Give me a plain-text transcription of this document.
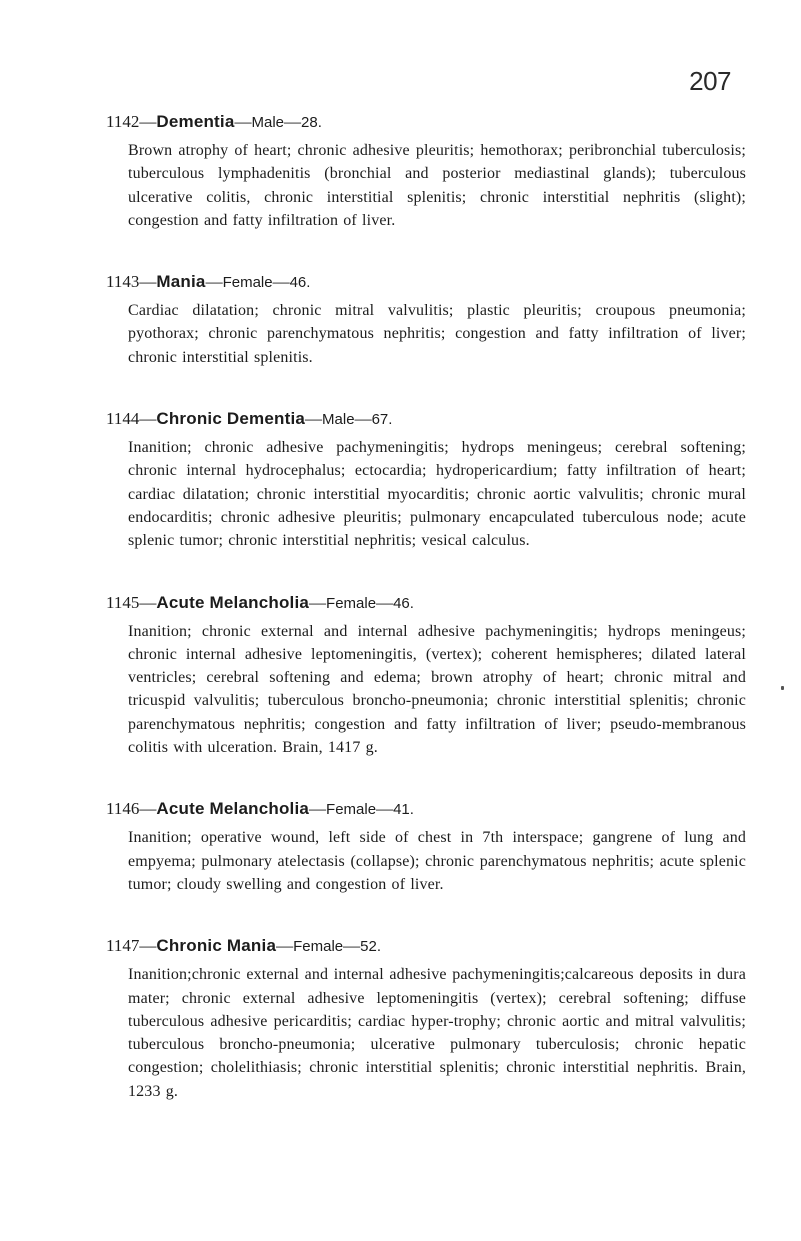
207
1142—Dementia—Male—28.
Brown atrophy of heart; chronic adhesive pleuritis; hemothorax; peribronchial tuberculosis; tuberculous lymphadenitis (bronchial and posterior mediastinal glands); tuberculous ulcerative colitis, chronic interstitial splenitis; chronic interstitial nephritis (slight); congestion and fatty infiltration of liver.
1143—Mania—Female—46.
Cardiac dilatation; chronic mitral valvulitis; plastic pleuritis; croupous pneumonia; pyothorax; chronic parenchymatous nephritis; congestion and fatty infiltration of liver; chronic interstitial splenitis.
1144—Chronic Dementia—Male—67.
Inanition; chronic adhesive pachymeningitis; hydrops meningeus; cerebral softening; chronic internal hydrocephalus; ectocardia; hydropericardium; fatty infiltration of heart; cardiac dilatation; chronic interstitial myocarditis; chronic aortic valvulitis; chronic mural endocarditis; chronic adhesive pleuritis; pulmonary encapculated tuberculous node; acute splenic tumor; chronic interstitial nephritis; vesical calculus.
1145—Acute Melancholia—Female—46.
Inanition; chronic external and internal adhesive pachymeningitis; hydrops meningeus; chronic internal adhesive leptomeningitis, (vertex); coherent hemispheres; dilated lateral ventricles; cerebral softening and edema; brown atrophy of heart; chronic mitral and tricuspid valvulitis; tuberculous broncho-pneumonia; chronic interstitial splenitis; chronic parenchymatous nephritis; congestion and fatty infiltration of liver; pseudo-membranous colitis with ulceration. Brain, 1417 g.
1146—Acute Melancholia—Female—41.
Inanition; operative wound, left side of chest in 7th interspace; gangrene of lung and empyema; pulmonary atelectasis (collapse); chronic parenchymatous nephritis; acute splenic tumor; cloudy swelling and congestion of liver.
1147—Chronic Mania—Female—52.
Inanition;chronic external and internal adhesive pachymeningitis;calcareous deposits in dura mater; chronic external adhesive leptomeningitis (vertex); cerebral softening; diffuse tuberculous adhesive pericarditis; cardiac hyper-trophy; chronic aortic and mitral valvulitis; tuberculous broncho-pneumonia; ulcerative pulmonary tuberculosis; chronic hepatic congestion; cholelithiasis; chronic interstitial splenitis; chronic interstitial nephritis. Brain, 1233 g.
